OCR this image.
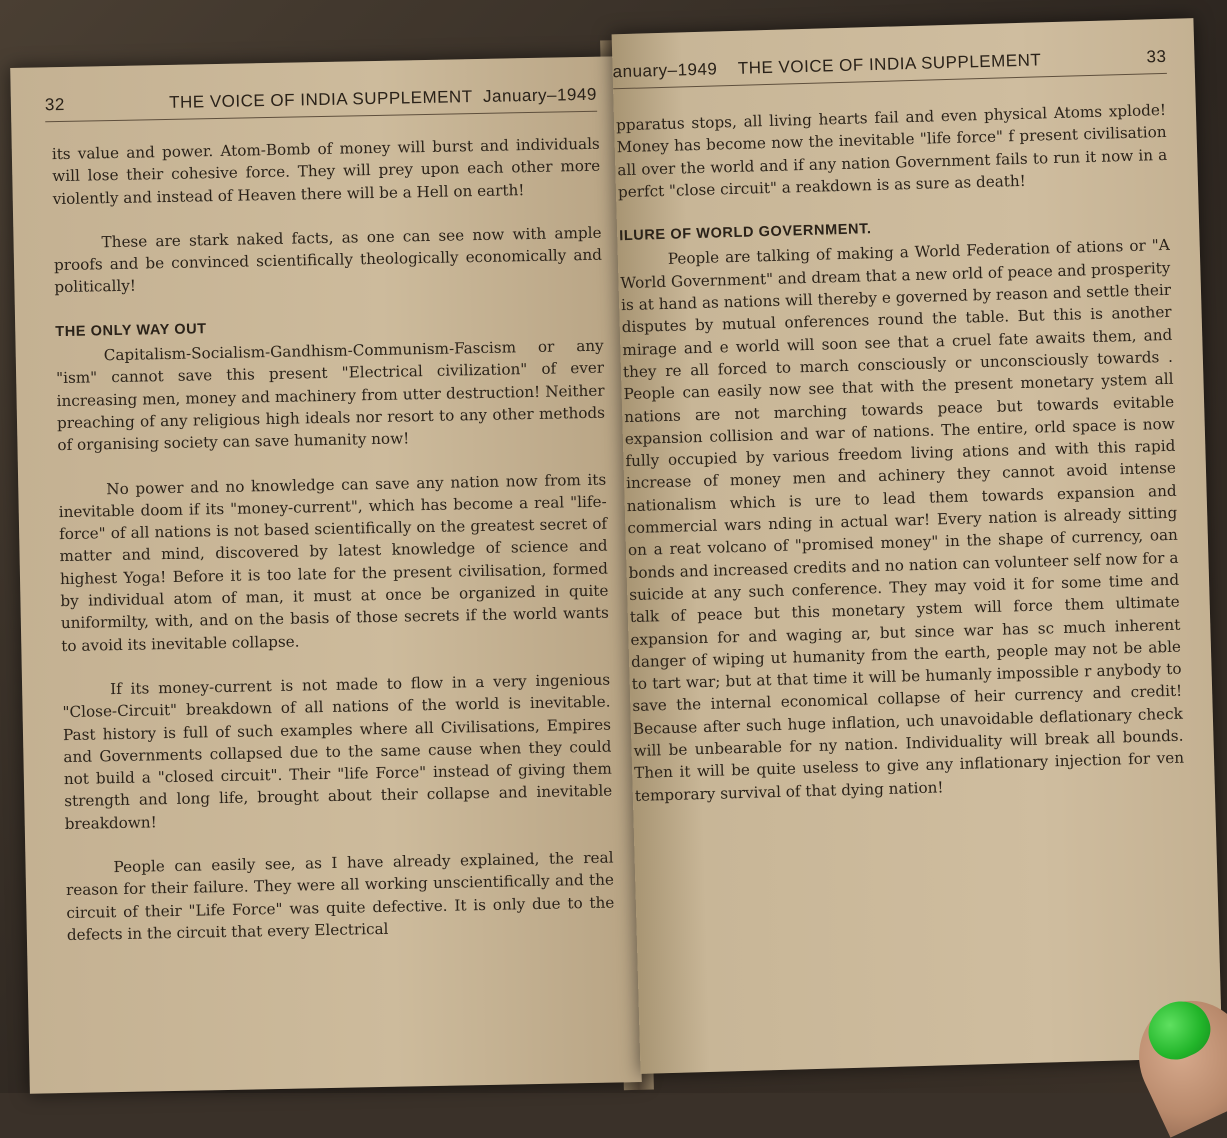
32	THE VOICE OF INDIA SUPPLEMENT January–1949

its value and power. Atom-Bomb of money will burst and individuals will lose their cohesive force. They will prey upon each other more violently and instead of Heaven there will be a Hell on earth!

These are stark naked facts, as one can see now with ample proofs and be convinced scientifically theologically economically and politically!

THE ONLY WAY OUT

Capitalism-Socialism-Gandhism-Communism-Fascism or any "ism" cannot save this present "Electrical civilization" of ever increasing men, money and machinery from utter destruction! Neither preaching of any religious high ideals nor resort to any other methods of organising society can save humanity now!

No power and no knowledge can save any nation now from its inevitable doom if its "money-current", which has become a real "life-force" of all nations is not based scientifically on the greatest secret of matter and mind, discovered by latest knowledge of science and highest Yoga! Before it is too late for the present civilisation, formed by individual atom of man, it must at once be organized in quite uniformilty, with, and on the basis of those secrets if the world wants to avoid its inevitable collapse.

If its money-current is not made to flow in a very ingenious "Close-Circuit" breakdown of all nations of the world is inevitable. Past history is full of such examples where all Civilisations, Empires and Governments collapsed due to the same cause when they could not build a "closed circuit". Their "life Force" instead of giving them strength and long life, brought about their collapse and inevitable breakdown!

People can easily see, as I have already explained, the real reason for their failure. They were all working unscientifically and the circuit of their "Life Force" was quite defective. It is only due to the defects in the circuit that every Electrical

33
THE VOICE OF INDIA SUPPLEMENT
anuary–1949

pparatus stops, all living hearts fail and even physical Atoms xplode! Money has become now the inevitable "life force" f present civilisation all over the world and if any nation Government fails to run it now in a perfct "close circuit" a reakdown is as sure as death!

ILURE OF WORLD GOVERNMENT.

People are talking of making a World Federation of ations or "A World Government" and dream that a new orld of peace and prosperity is at hand as nations will thereby e governed by reason and settle their disputes by mutual onferences round the table. But this is another mirage and e world will soon see that a cruel fate awaits them, and they re all forced to march consciously or unconsciously towards . People can easily now see that with the present monetary ystem all nations are not marching towards peace but towards evitable expansion collision and war of nations. The entire, orld space is now fully occupied by various freedom living ations and with this rapid increase of money men and achinery they cannot avoid intense nationalism which is ure to lead them towards expansion and commercial wars nding in actual war! Every nation is already sitting on a reat volcano of "promised money" in the shape of currency, oan bonds and increased credits and no nation can volunteer self now for a suicide at any such conference. They may void it for some time and talk of peace but this monetary ystem will force them ultimate expansion for and waging ar, but since war has sc much inherent danger of wiping ut humanity from the earth, people may not be able to tart war; but at that time it will be humanly impossible r anybody to save the internal economical collapse of heir currency and credit! Because after such huge inflation, uch unavoidable deflationary check will be unbearable for ny nation. Individuality will break all bounds. Then it will be quite useless to give any inflationary injection for ven temporary survival of that dying nation!
